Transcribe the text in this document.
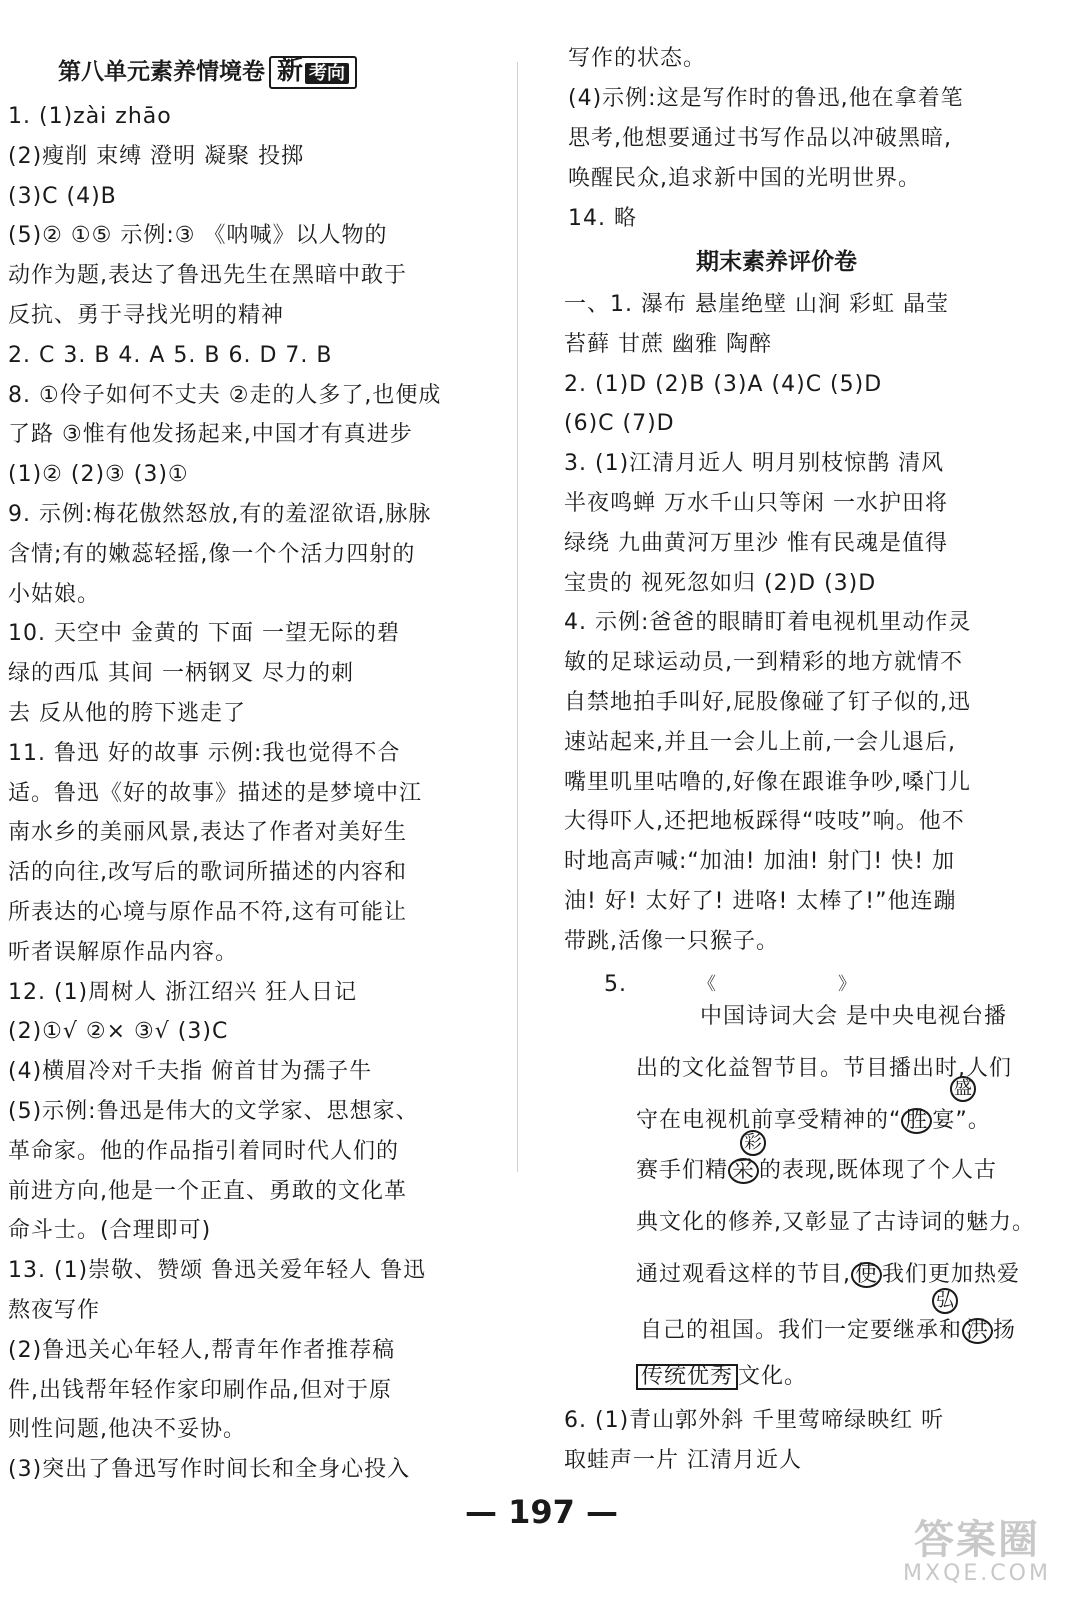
第八单元素养情境卷 新 考向
1. (1)zài zhāo
(2)瘦削 束缚 澄明 凝聚 投掷
(3)C (4)B
(5)② ①⑤ 示例:③ 《呐喊》以人物的
动作为题,表达了鲁迅先生在黑暗中敢于
反抗、勇于寻找光明的精神
2. C 3. B 4. A 5. B 6. D 7. B
8. ①伶子如何不丈夫 ②走的人多了,也便成
了路 ③惟有他发扬起来,中国才有真进步
(1)② (2)③ (3)①
9. 示例:梅花傲然怒放,有的羞涩欲语,脉脉
含情;有的嫩蕊轻摇,像一个个活力四射的
小姑娘。
10. 天空中 金黄的 下面 一望无际的碧
绿的西瓜 其间 一柄钢叉 尽力的刺
去 反从他的胯下逃走了
11. 鲁迅 好的故事 示例:我也觉得不合
适。鲁迅《好的故事》描述的是梦境中江
南水乡的美丽风景,表达了作者对美好生
活的向往,改写后的歌词所描述的内容和
所表达的心境与原作品不符,这有可能让
听者误解原作品内容。
12. (1)周树人 浙江绍兴 狂人日记
(2)①√ ②× ③√ (3)C
(4)横眉冷对千夫指 俯首甘为孺子牛
(5)示例:鲁迅是伟大的文学家、思想家、
革命家。他的作品指引着同时代人们的
前进方向,他是一个正直、勇敢的文化革
命斗士。(合理即可)
13. (1)崇敬、赞颂 鲁迅关爱年轻人 鲁迅
熬夜写作
(2)鲁迅关心年轻人,帮青年作者推荐稿
件,出钱帮年轻作家印刷作品,但对于原
则性问题,他决不妥协。
(3)突出了鲁迅写作时间长和全身心投入
写作的状态。
(4)示例:这是写作时的鲁迅,他在拿着笔
思考,他想要通过书写作品以冲破黑暗,
唤醒民众,追求新中国的光明世界。
14. 略
期末素养评价卷
一、1. 瀑布 悬崖绝壁 山涧 彩虹 晶莹
苔藓 甘蔗 幽雅 陶醉
2. (1)D (2)B (3)A (4)C (5)D
(6)C (7)D
3. (1)江清月近人 明月别枝惊鹊 清风
半夜鸣蝉 万水千山只等闲 一水护田将
绿绕 九曲黄河万里沙 惟有民魂是值得
宝贵的 视死忽如归 (2)D (3)D
4. 示例:爸爸的眼睛盯着电视机里动作灵
敏的足球运动员,一到精彩的地方就情不
自禁地拍手叫好,屁股像碰了钉子似的,迅
速站起来,并且一会儿上前,一会儿退后,
嘴里叽里咕噜的,好像在跟谁争吵,嗓门儿
大得吓人,还把地板踩得“吱吱”响。他不
时地高声喊:“加油! 加油! 射门! 快! 加
油! 好! 太好了! 进咯! 太棒了!”他连蹦
带跳,活像一只猴子。
5.	《	》
中国诗词大会 是中央电视台播
出的文化益智节目。节目播出时,人们
盛
守在电视机前享受精神的“ 胜 宴”。
彩
赛手们精 采 的表现,既体现了个人古
典文化的修养,又彰显了古诗词的魅力。
通过观看这样的节目, 使 我们更加热爱
弘
自己的祖国。我们一定要继承和 洪 扬
传统优秀 文化。
6. (1)青山郭外斜 千里莺啼绿映红 听
取蛙声一片 江清月近人
— 197 —
答案圈
MXQE.COM
